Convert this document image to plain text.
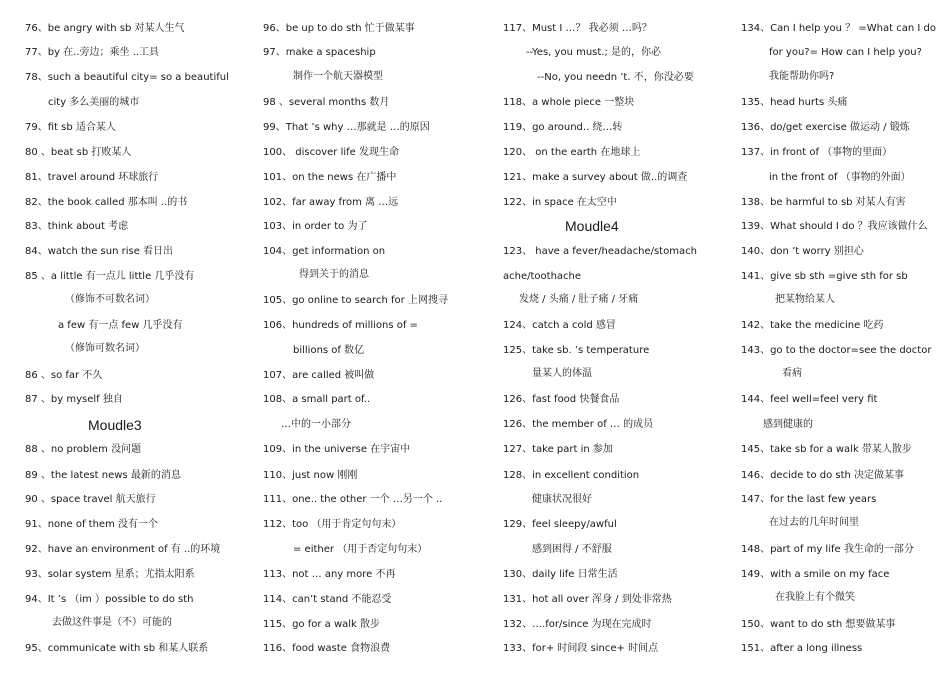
76、be angry with sb 对某人生气
77、by 在..旁边；乘坐 ..工具
78、such a beautiful city= so a beautiful
city 多么美丽的城市
79、fit sb 适合某人
80 、beat sb 打败某人
81、travel around 环球旅行
82、the book called 那本叫 ..的书
83、think about 考虑
84、watch the sun rise 看日出
85 、a little 有一点儿 little 几乎没有
（修饰不可数名词）
a few 有一点 few 几乎没有
（修饰可数名词）
86 、so far 不久
87 、by myself 独自
Moudle3
88 、no problem 没问题
89 、the latest news 最新的消息
90 、space travel 航天旅行
91、none of them 没有一个
92、have an environment of 有 ..的环境
93、solar system 星系；尤指太阳系
94、It ’s （im ）possible to do sth
去做这件事是（不）可能的
95、communicate with sb 和某人联系
96、be up to do sth 忙于做某事
97、make a spaceship
制作一个航天器模型
98 、several months 数月
99、That ’s why …那就是 …的原因
100、 discover life 发现生命
101、on the news 在广播中
102、far away from 离 …远
103、in order to 为了
104、get information on
得到关于的消息
105、go online to search for 上网搜寻
106、hundreds of millions of =
billions of 数亿
107、are called 被叫做
108、a small part of..
…中的一小部分
109、in the universe 在宇宙中
110、just now 刚刚
111、one.. the other 一个 …另一个 ..
112、too （用于肯定句句末）
= either （用于否定句句末）
113、not … any more 不再
114、can’t stand 不能忍受
115、go for a walk 散步
116、food waste 食物浪费
117、Must I …？ 我必须 …吗？
--Yes, you must.; 是的，你必
--No, you needn ’t. 不，你没必要
118、a whole piece 一整块
119、go around.. 绕…转
120、 on the earth 在地球上
121、make a survey about 做..的调查
122、in space 在太空中
Moudle4
123、 have a fever/headache/stomach
ache/toothache
发烧 / 头痛 / 肚子痛 / 牙痛
124、catch a cold 感冒
125、take sb. ’s temperature
量某人的体温
126、fast food 快餐食品
126、the member of … 的成员
127、take part in 参加
128、in excellent condition
健康状况很好
129、feel sleepy/awful
感到困得 / 不舒服
130、daily life 日常生活
131、hot all over 浑身 / 到处非常热
132、….for/since 为现在完成时
133、for+ 时间段 since+ 时间点
134、Can I help you ？ =What can I do
for you?= How can I help you?
我能帮助你吗?
135、head hurts 头痛
136、do/get exercise 做运动 / 锻炼
137、in front of （事物的里面）
in the front of （事物的外面）
138、be harmful to sb 对某人有害
139、What should I do ？我应该做什么
140、don ’t worry 别担心
141、give sb sth =give sth for sb
把某物给某人
142、take the medicine 吃药
143、go to the doctor=see the doctor
看病
144、feel well=feel very fit
感到健康的
145、take sb for a walk 带某人散步
146、decide to do sth 决定做某事
147、for the last few years
在过去的几年时间里
148、part of my life 我生命的一部分
149、with a smile on my face
在我脸上有个微笑
150、want to do sth 想要做某事
151、after a long illness
